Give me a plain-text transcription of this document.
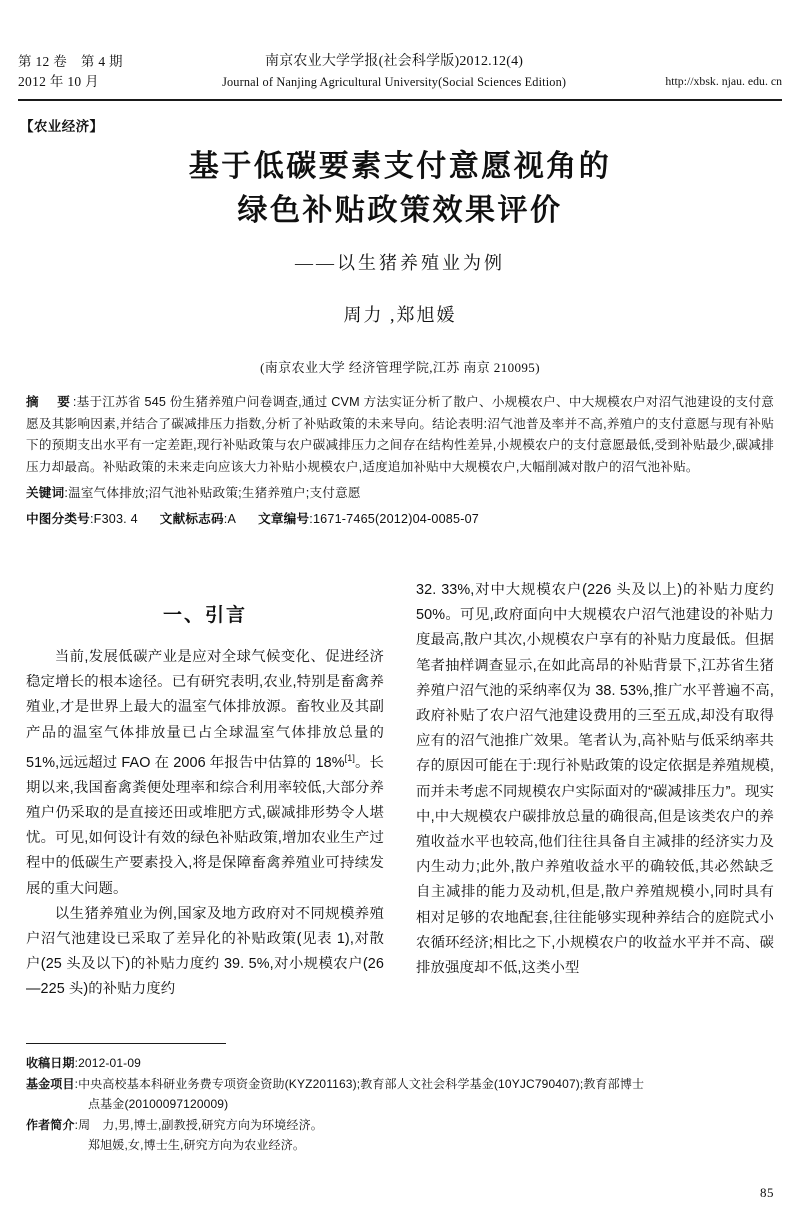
第 12 卷　第 4 期
2012 年 10 月
南京农业大学学报(社会科学版)2012.12(4)
Journal of Nanjing Agricultural University(Social Sciences Edition)	http://xbsk. njau. edu. cn
【农业经济】
基于低碳要素支付意愿视角的
绿色补贴政策效果评价
——以生猪养殖业为例
周力 ,郑旭媛
(南京农业大学 经济管理学院,江苏 南京 210095)
摘　要:基于江苏省 545 份生猪养殖户问卷调查,通过 CVM 方法实证分析了散户、小规模农户、中大规模农户对沼气池建设的支付意愿及其影响因素,并结合了碳减排压力指数,分析了补贴政策的未来导向。结论表明:沼气池普及率并不高,养殖户的支付意愿与现有补贴下的预期支出水平有一定差距,现行补贴政策与农户碳减排压力之间存在结构性差异,小规模农户的支付意愿最低,受到补贴最少,碳减排压力却最高。补贴政策的未来走向应该大力补贴小规模农户,适度追加补贴中大规模农户,大幅削减对散户的沼气池补贴。
关键词:温室气体排放;沼气池补贴政策;生猪养殖户;支付意愿
中图分类号:F303. 4 文献标志码:A 文章编号:1671-7465(2012)04-0085-07
一、引言

当前,发展低碳产业是应对全球气候变化、促进经济稳定增长的根本途径。已有研究表明,农业,特别是畜禽养殖业,才是世界上最大的温室气体排放源。畜牧业及其副产品的温室气体排放量已占全球温室气体排放总量的 51%,远远超过 FAO 在 2006 年报告中估算的 18%[1]。长期以来,我国畜禽粪便处理率和综合利用率较低,大部分养殖户仍采取的是直接还田或堆肥方式,碳减排形势令人堪忧。可见,如何设计有效的绿色补贴政策,增加农业生产过程中的低碳生产要素投入,将是保障畜禽养殖业可持续发展的重大问题。

以生猪养殖业为例,国家及地方政府对不同规模养殖户沼气池建设已采取了差异化的补贴政策(见表 1),对散户(25 头及以下)的补贴力度约 39. 5%,对小规模农户(26—225 头)的补贴力度约

32. 33%,对中大规模农户(226 头及以上)的补贴力度约 50%。可见,政府面向中大规模农户沼气池建设的补贴力度最高,散户其次,小规模农户享有的补贴力度最低。但据笔者抽样调查显示,在如此高昂的补贴背景下,江苏省生猪养殖户沼气池的采纳率仅为 38. 53%,推广水平普遍不高,政府补贴了农户沼气池建设费用的三至五成,却没有取得应有的沼气池推广效果。笔者认为,高补贴与低采纳率共存的原因可能在于:现行补贴政策的设定依据是养殖规模,而并未考虑不同规模农户实际面对的“碳减排压力”。现实中,中大规模农户碳排放总量的确很高,但是该类农户的养殖收益水平也较高,他们往往具备自主减排的经济实力及内生动力;此外,散户养殖收益水平的确较低,其必然缺乏自主减排的能力及动机,但是,散户养殖规模小,同时具有相对足够的农地配套,往往能够实现种养结合的庭院式小农循环经济;相比之下,小规模农户的收益水平并不高、碳排放强度却不低,这类小型

收稿日期:2012-01-09
基金项目:中央高校基本科研业务费专项资金资助(KYZ201163);教育部人文社会科学基金(10YJC790407);教育部博士
点基金(20100097120009)
作者简介:周　力,男,博士,副教授,研究方向为环境经济。
郑旭媛,女,博士生,研究方向为农业经济。
85
